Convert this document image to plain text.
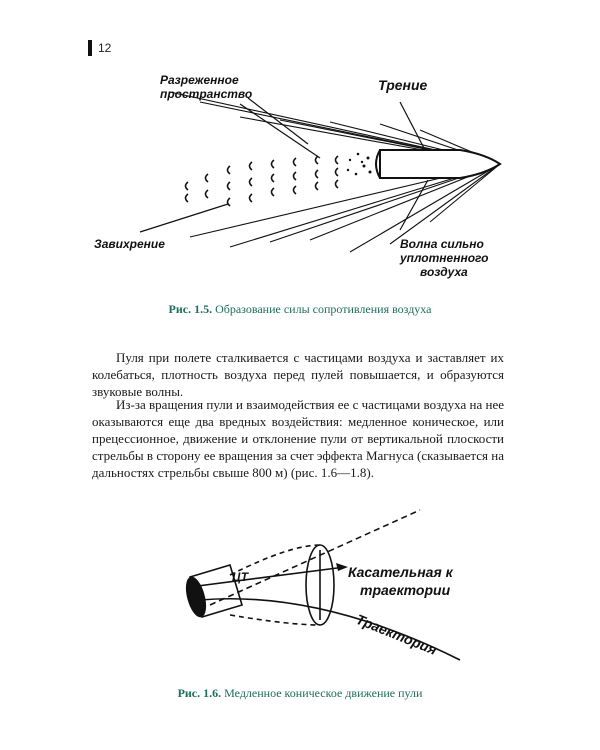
12
Разреженное
пространство
Трение
Завихрение	Волна сильно
уплотненного
воздуха
Рис. 1.5. Образование силы сопротивления воздуха

Пуля при полете сталкивается с частицами воздуха и заставляет их колебаться, плотность воздуха перед пулей повышается, и образуются звуковые волны.

Из-за вращения пули и взаимодействия ее с частицами воздуха на нее оказываются еще два вредных воздействия: медленное коническое, или прецессионное, движение и отклонение пули от вертикальной плоскости стрельбы в сторону ее вращения за счет эффекта Магнуса (сказывается на дальностях стрельбы свыше 800 м) (рис. 1.6—1.8).

ЦТ	Касательная к
траектории
Траектория
Рис. 1.6. Медленное коническое движение пули
